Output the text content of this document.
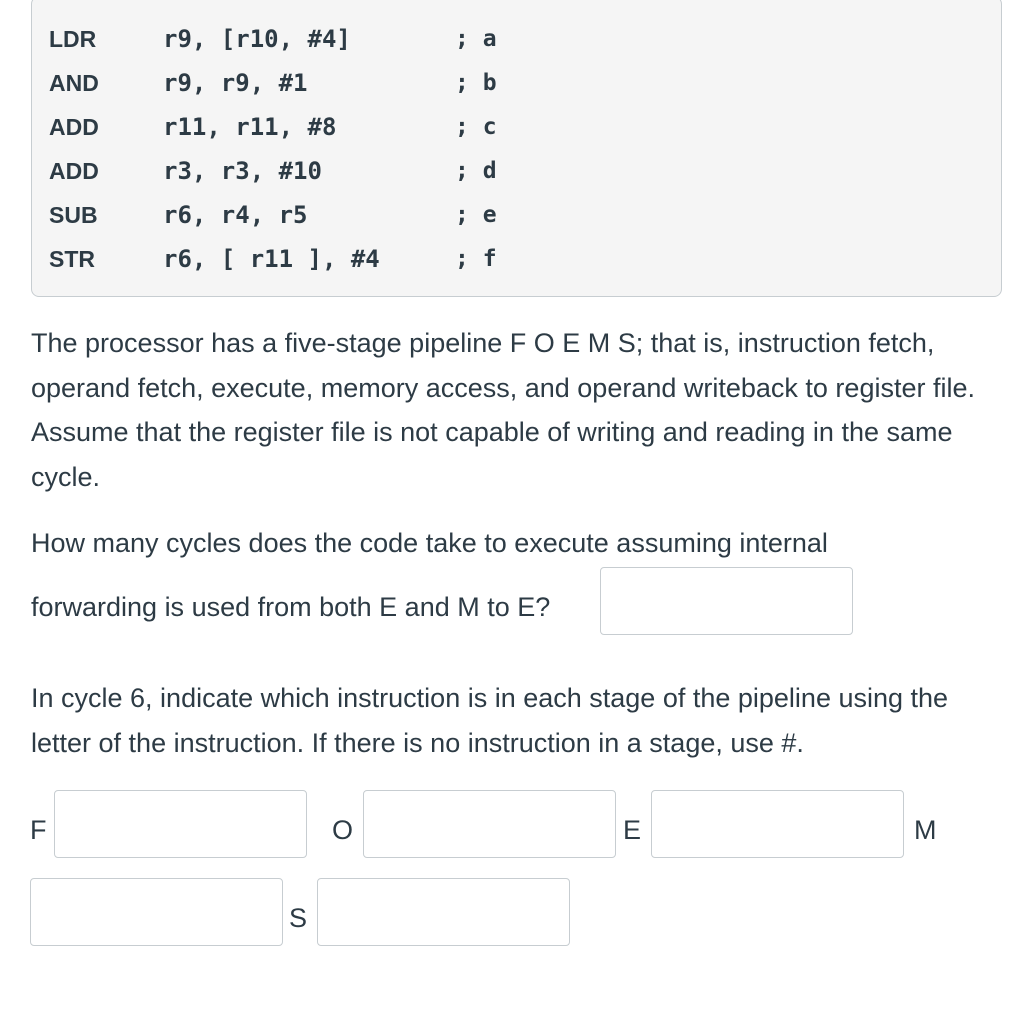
LDR	r9, [r10, #4]	; a
AND	r9, r9, #1	; b
ADD	r11, r11, #8	; c
ADD	r3, r3, #10	; d
SUB	r6, r4, r5	; e
STR	r6, [ r11 ], #4	; f
The processor has a five-stage pipeline F O E M S; that is, instruction fetch, operand fetch, execute, memory access, and operand writeback to register file. Assume that the register file is not capable of writing and reading in the same cycle.
How many cycles does the code take to execute assuming internal
forwarding is used from both E and M to E?
In cycle 6, indicate which instruction is in each stage of the pipeline using the letter of the instruction. If there is no instruction in a stage, use #.
F	O	E	M
S
